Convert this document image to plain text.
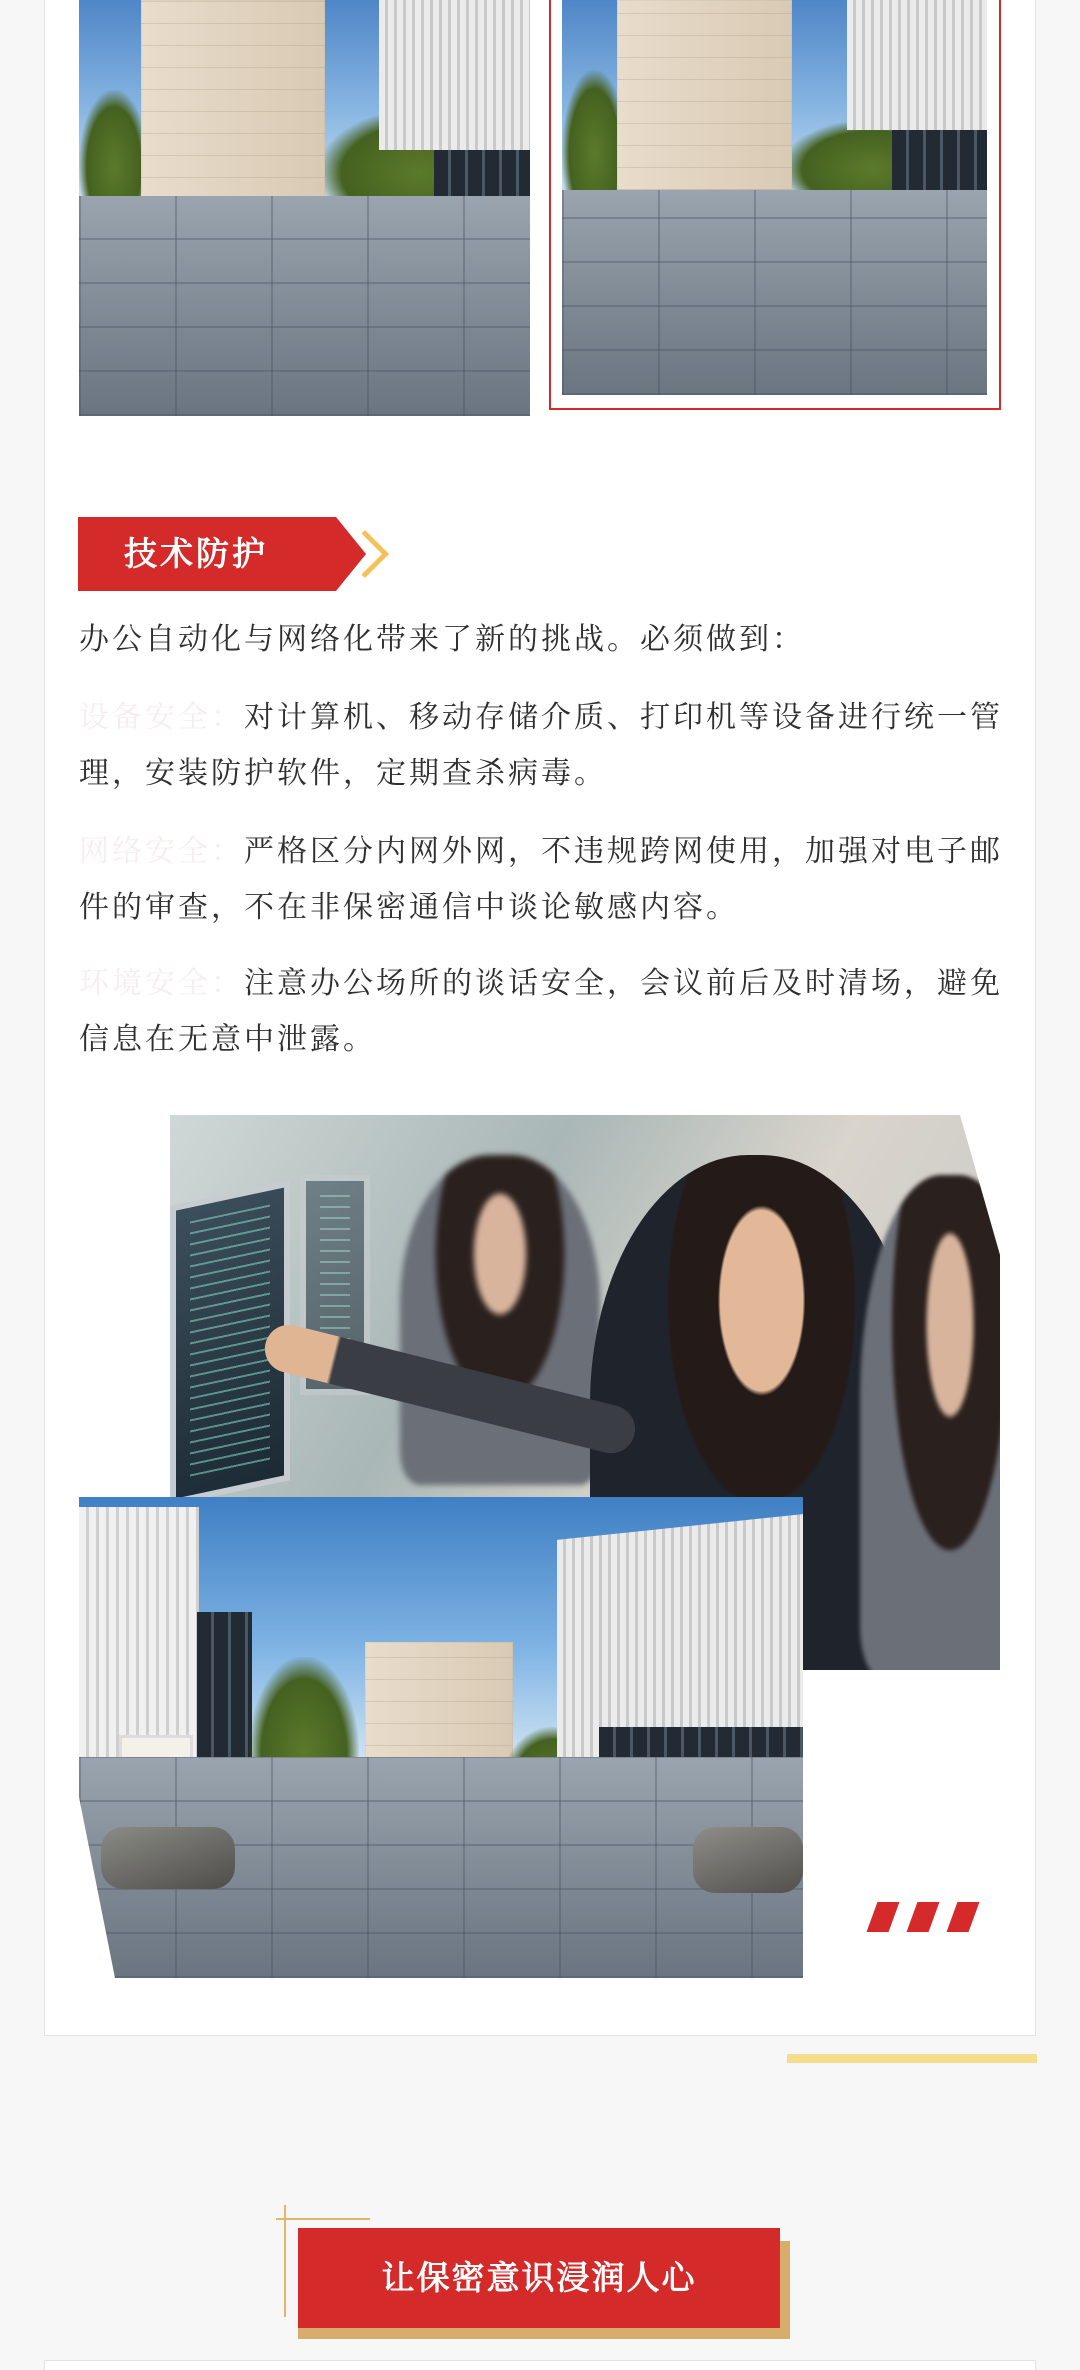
技术防护

办公自动化与网络化带来了新的挑战。必须做到：

设备安全：对计算机、移动存储介质、打印机等设备进行统一管理，安装防护软件，定期查杀病毒。

网络安全：严格区分内网外网，不违规跨网使用，加强对电子邮件的审查，不在非保密通信中谈论敏感内容。

环境安全：注意办公场所的谈话安全，会议前后及时清场，避免信息在无意中泄露。

让保密意识浸润人心
